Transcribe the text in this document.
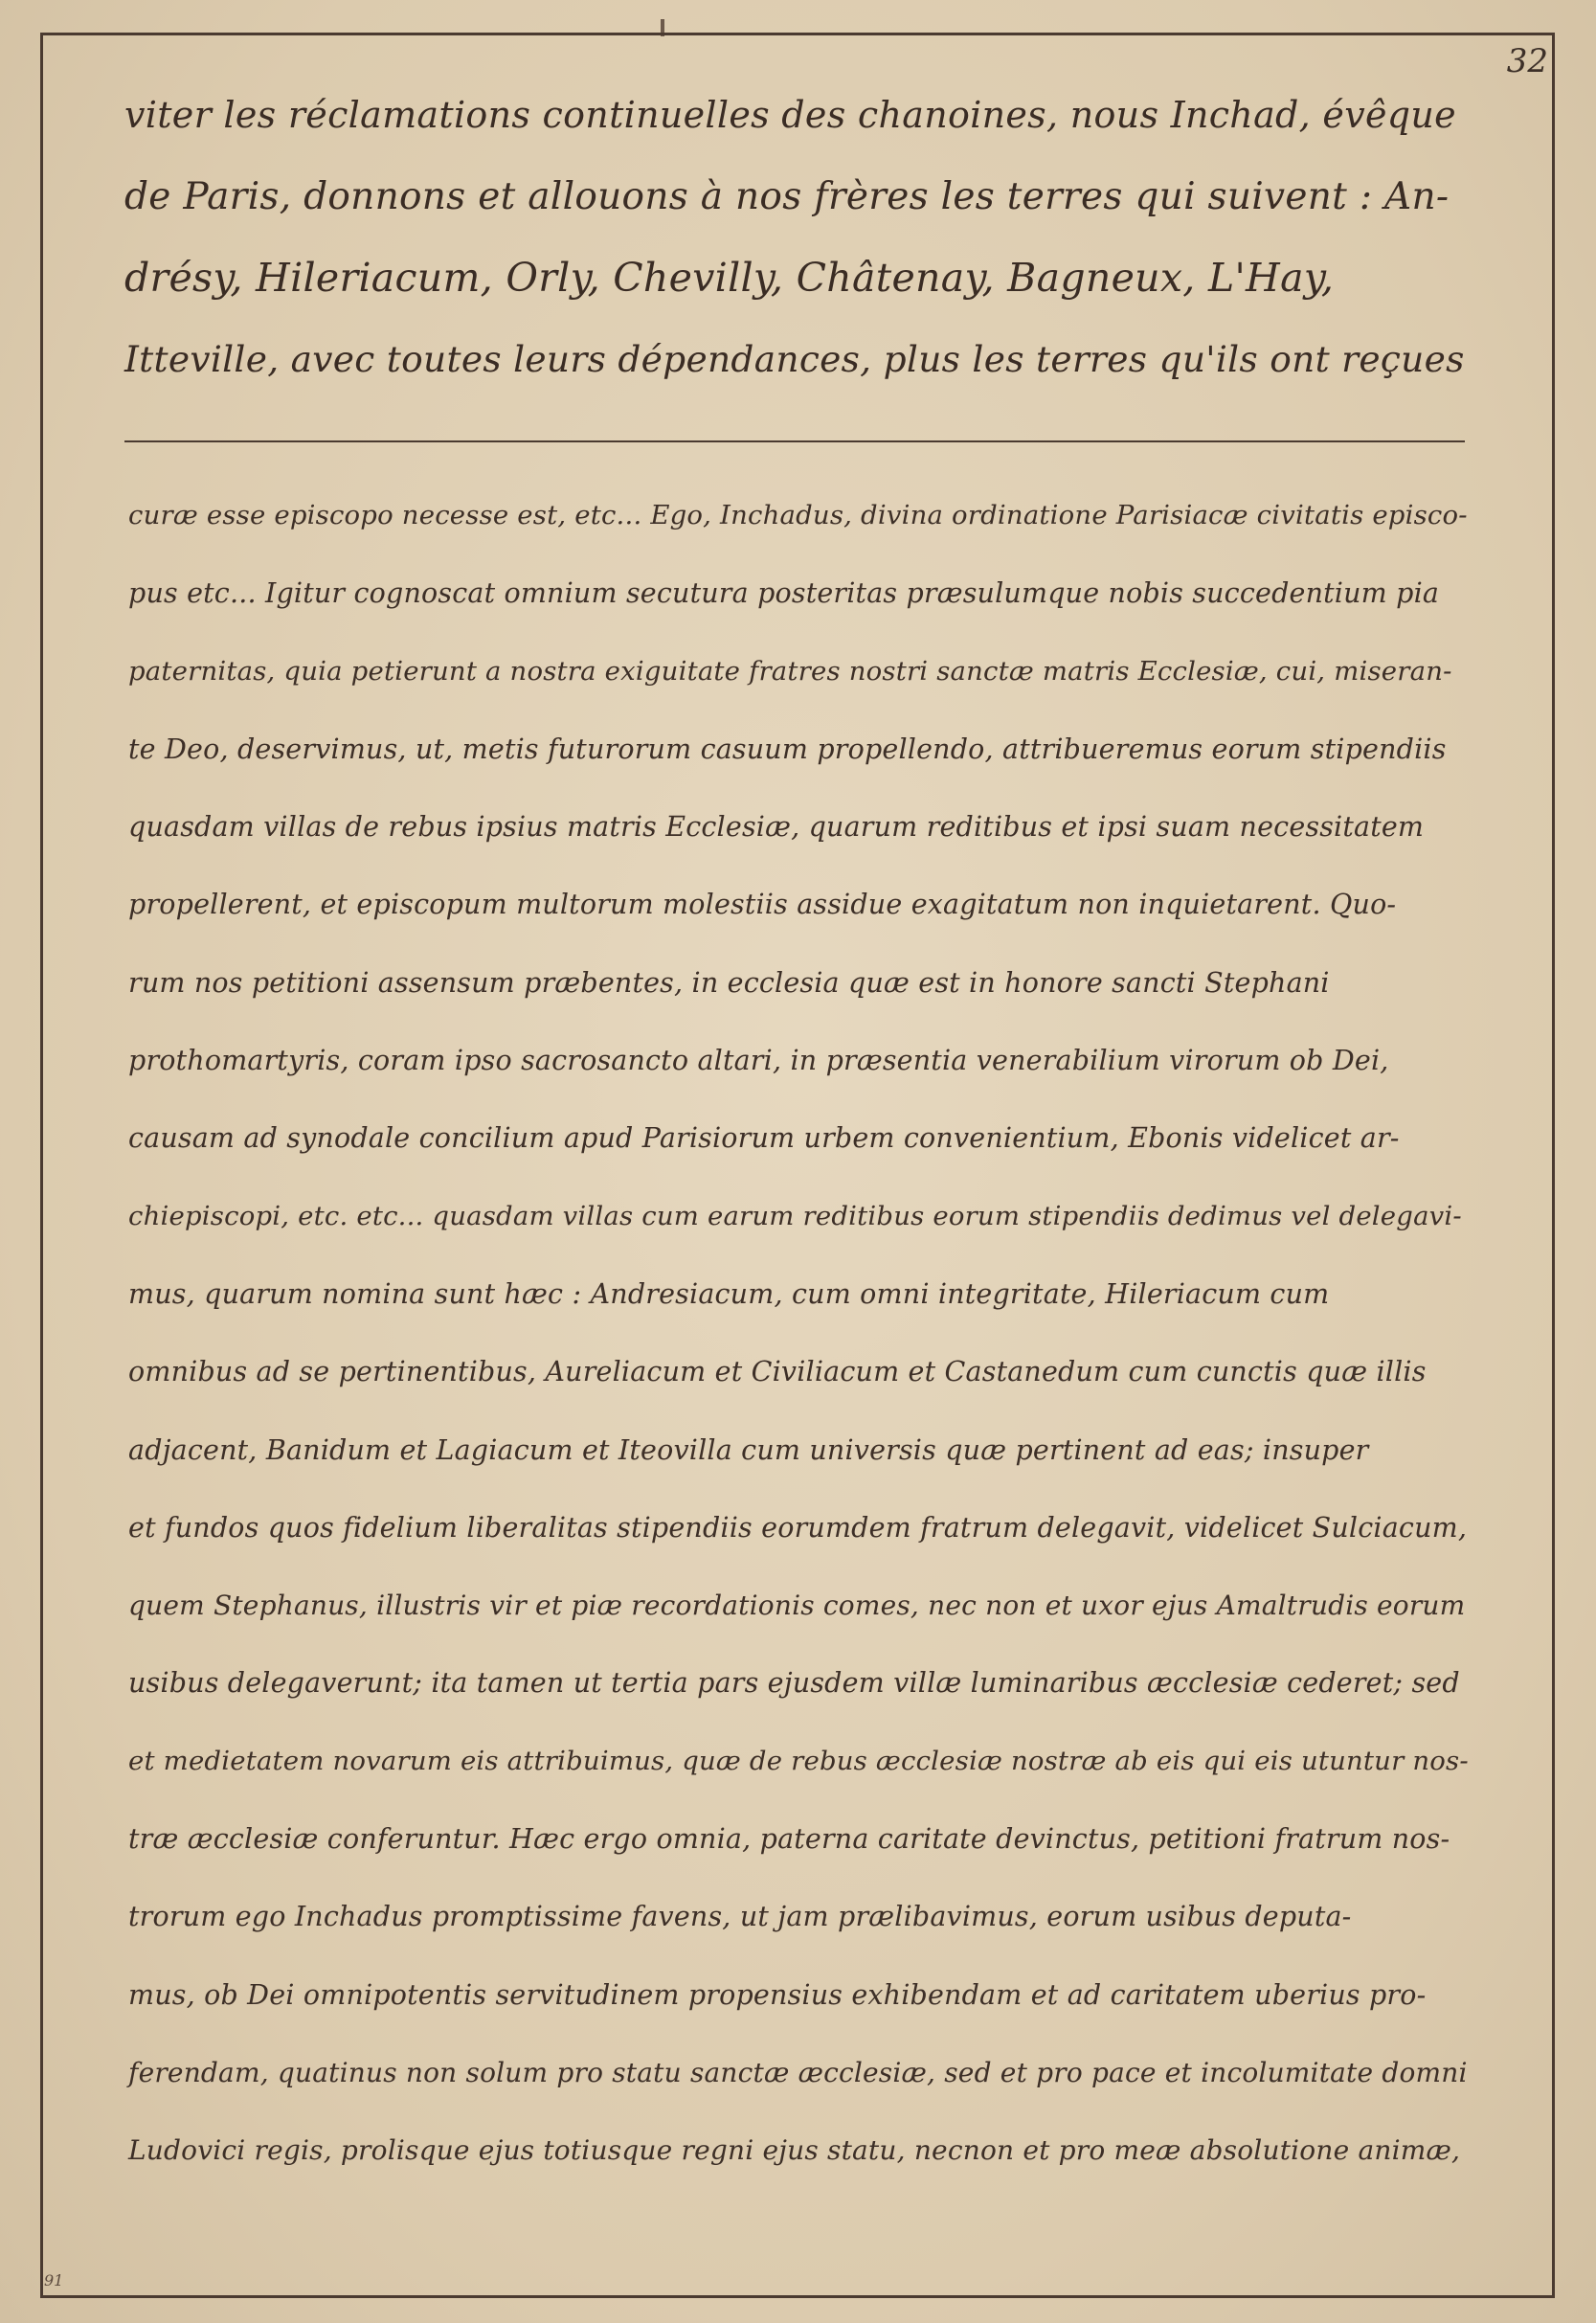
32
viter les réclamations continuelles des chanoines, nous Inchad, évêque
de Paris, donnons et allouons à nos frères les terres qui suivent : An-
drésy, Hileriacum, Orly, Chevilly, Châtenay, Bagneux, L'Hay,
Itteville, avec toutes leurs dépendances, plus les terres qu'ils ont reçues
curæ esse episcopo necesse est, etc... Ego, Inchadus, divina ordinatione Parisiacæ civitatis episco-
pus etc... Igitur cognoscat omnium secutura posteritas præsulumque nobis succedentium pia
paternitas, quia petierunt a nostra exiguitate fratres nostri sanctæ matris Ecclesiæ, cui, miseran-
te Deo, deservimus, ut, metis futurorum casuum propellendo, attribueremus eorum stipendiis
quasdam villas de rebus ipsius matris Ecclesiæ, quarum reditibus et ipsi suam necessitatem
propellerent, et episcopum multorum molestiis assidue exagitatum non inquietarent. Quo-
rum nos petitioni assensum præbentes, in ecclesia quæ est in honore sancti Stephani
prothomartyris, coram ipso sacrosancto altari, in præsentia venerabilium virorum ob Dei,
causam ad synodale concilium apud Parisiorum urbem convenientium, Ebonis videlicet ar-
chiepiscopi, etc. etc... quasdam villas cum earum reditibus eorum stipendiis dedimus vel delegavi-
mus, quarum nomina sunt hæc : Andresiacum, cum omni integritate, Hileriacum cum
omnibus ad se pertinentibus, Aureliacum et Civiliacum et Castanedum cum cunctis quæ illis
adjacent, Banidum et Lagiacum et Iteovilla cum universis quæ pertinent ad eas; insuper
et fundos quos fidelium liberalitas stipendiis eorumdem fratrum delegavit, videlicet Sulciacum,
quem Stephanus, illustris vir et piæ recordationis comes, nec non et uxor ejus Amaltrudis eorum
usibus delegaverunt; ita tamen ut tertia pars ejusdem villæ luminaribus æcclesiæ cederet; sed
et medietatem novarum eis attribuimus, quæ de rebus æcclesiæ nostræ ab eis qui eis utuntur nos-
træ æcclesiæ conferuntur. Hæc ergo omnia, paterna caritate devinctus, petitioni fratrum nos-
trorum ego Inchadus promptissime favens, ut jam prælibavimus, eorum usibus deputa-
mus, ob Dei omnipotentis servitudinem propensius exhibendam et ad caritatem uberius pro-
ferendam, quatinus non solum pro statu sanctæ æcclesiæ, sed et pro pace et incolumitate domni
Ludovici regis, prolisque ejus totiusque regni ejus statu, necnon et pro meæ absolutione animæ,
91
